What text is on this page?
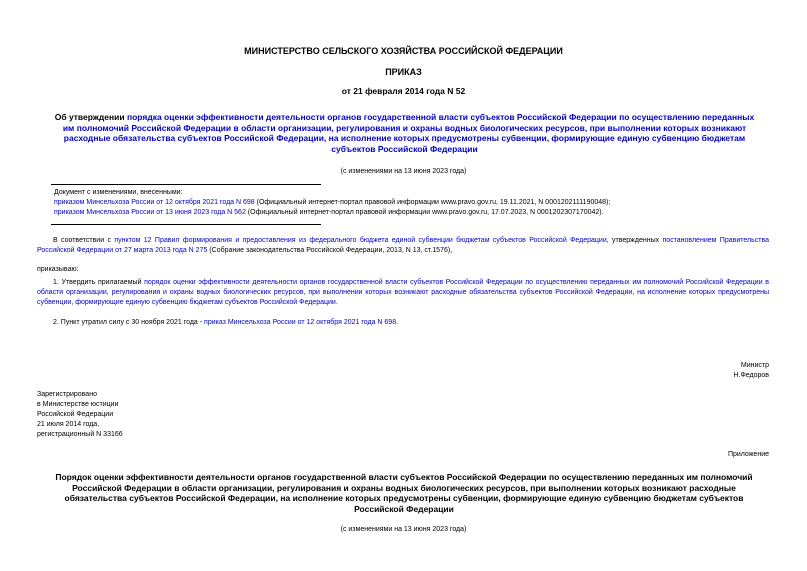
МИНИСТЕРСТВО СЕЛЬСКОГО ХОЗЯЙСТВА РОССИЙСКОЙ ФЕДЕРАЦИИ
ПРИКАЗ
от 21 февраля 2014 года N 52
Об утверждении порядка оценки эффективности деятельности органов государственной власти субъектов Российской Федерации по осуществлению переданных им полномочий Российской Федерации в области организации, регулирования и охраны водных биологических ресурсов, при выполнении которых возникают расходные обязательства субъектов Российской Федерации, на исполнение которых предусмотрены субвенции, формирующие единую субвенцию бюджетам субъектов Российской Федерации
(с изменениями на 13 июня 2023 года)
Документ с изменениями, внесенными:
приказом Минсельхоза России от 12 октября 2021 года N 698 (Официальный интернет-портал правовой информации www.pravo.gov.ru, 19.11.2021, N 0001202111190048);
приказом Минсельхоза России от 13 июня 2023 года N 562 (Официальный интернет-портал правовой информации www.pravo.gov.ru, 17.07.2023, N 0001202307170042).
В соответствии с пунктом 12 Правил формирования и предоставления из федерального бюджета единой субвенции бюджетам субъектов Российской Федерации, утвержденных постановлением Правительства Российской Федерации от 27 марта 2013 года N 275 (Собрание законодательства Российской Федерации, 2013, N 13, ст.1576),
приказываю:
1. Утвердить прилагаемый порядок оценки эффективности деятельности органов государственной власти субъектов Российской Федерации по осуществлению переданных им полномочий Российской Федерации в области организации, регулирования и охраны водных биологических ресурсов, при выполнении которых возникают расходные обязательства субъектов Российской Федерации, на исполнение которых предусмотрены субвенции, формирующие единую субвенцию бюджетам субъектов Российской Федерации.
2. Пункт утратил силу с 30 ноября 2021 года - приказ Минсельхоза России от 12 октября 2021 года N 698.
Министр
Н.Федоров
Зарегистрировано
в Министерстве юстиции
Российской Федерации
21 июля 2014 года,
регистрационный N 33166
Приложение
Порядок оценки эффективности деятельности органов государственной власти субъектов Российской Федерации по осуществлению переданных им полномочий Российской Федерации в области организации, регулирования и охраны водных биологических ресурсов, при выполнении которых возникают расходные обязательства субъектов Российской Федерации, на исполнение которых предусмотрены субвенции, формирующие единую субвенцию бюджетам субъектов Российской Федерации
(с изменениями на 13 июня 2023 года)
